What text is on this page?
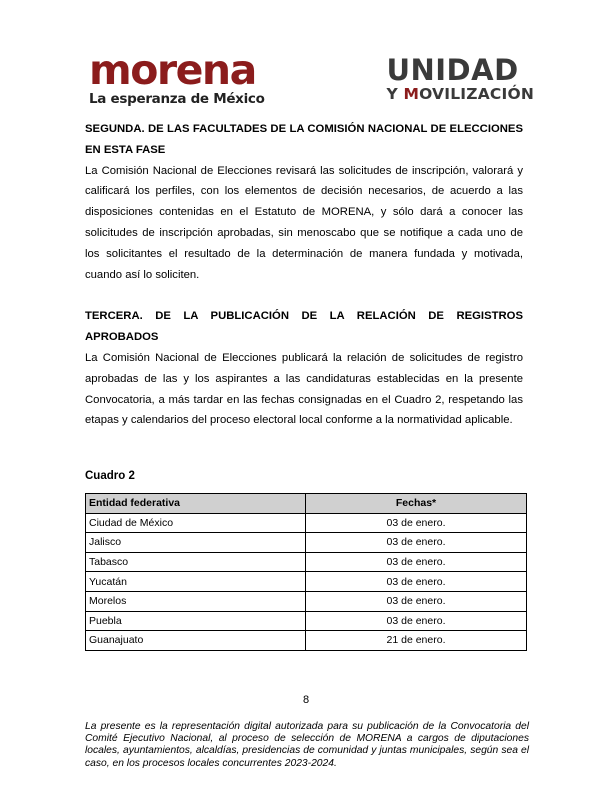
morena
La esperanza de México
UNIDAD
Y MOVILIZACIÓN

SEGUNDA. DE LAS FACULTADES DE LA COMISIÓN NACIONAL DE ELECCIONES EN ESTA FASE

La Comisión Nacional de Elecciones revisará las solicitudes de inscripción, valorará y calificará los perfiles, con los elementos de decisión necesarios, de acuerdo a las disposiciones contenidas en el Estatuto de MORENA, y sólo dará a conocer las solicitudes de inscripción aprobadas, sin menoscabo que se notifique a cada uno de los solicitantes el resultado de la determinación de manera fundada y motivada, cuando así lo soliciten.

TERCERA. DE LA PUBLICACIÓN DE LA RELACIÓN DE REGISTROS APROBADOS

La Comisión Nacional de Elecciones publicará la relación de solicitudes de registro aprobadas de las y los aspirantes a las candidaturas establecidas en la presente Convocatoria, a más tardar en las fechas consignadas en el Cuadro 2, respetando las etapas y calendarios del proceso electoral local conforme a la normatividad aplicable.

Cuadro 2
Entidad federativa	Fechas*
Ciudad de México	03 de enero.
Jalisco	03 de enero.
Tabasco	03 de enero.
Yucatán	03 de enero.
Morelos	03 de enero.
Puebla	03 de enero.
Guanajuato	21 de enero.
8
La presente es la representación digital autorizada para su publicación de la Convocatoria del Comité Ejecutivo Nacional, al proceso de selección de MORENA a cargos de diputaciones locales, ayuntamientos, alcaldías, presidencias de comunidad y juntas municipales, según sea el caso, en los procesos locales concurrentes 2023-2024.
